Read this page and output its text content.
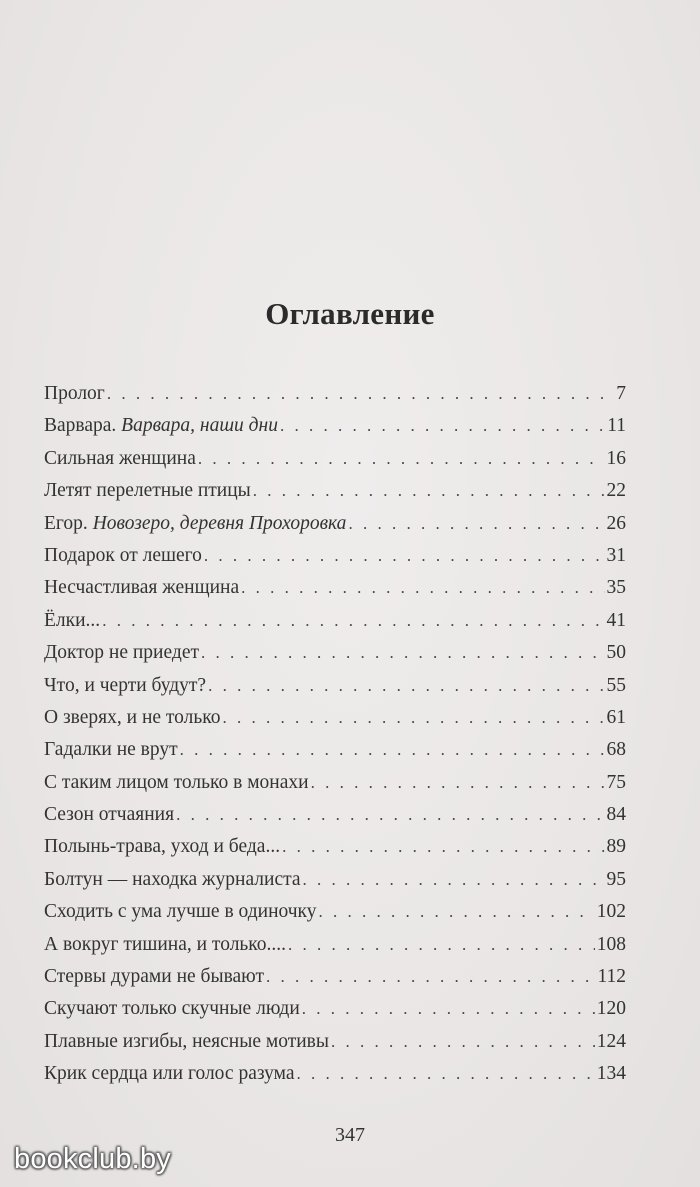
Оглавление
Пролог . . .	7
Варвара. Варвара, наши дни . . .	11
Сильная женщина . . .	16
Летят перелетные птицы . . .	22
Егор. Новозеро, деревня Прохоровка . . .	26
Подарок от лешего . . .	31
Несчастливая женщина . . .	35
Ёлки... . . .	41
Доктор не приедет . . .	50
Что, и черти будут? . . .	55
О зверях, и не только . . .	61
Гадалки не врут . . .	68
С таким лицом только в монахи . . .	75
Сезон отчаяния . . .	84
Полынь-трава, уход и беда... . . .	89
Болтун — находка журналиста . . .	95
Сходить с ума лучше в одиночку . . .	102
А вокруг тишина, и только.... . . .	108
Стервы дурами не бывают . . .	112
Скучают только скучные люди . . .	120
Плавные изгибы, неясные мотивы . . .	124
Крик сердца или голос разума . . .	134
347
bookclub.by
